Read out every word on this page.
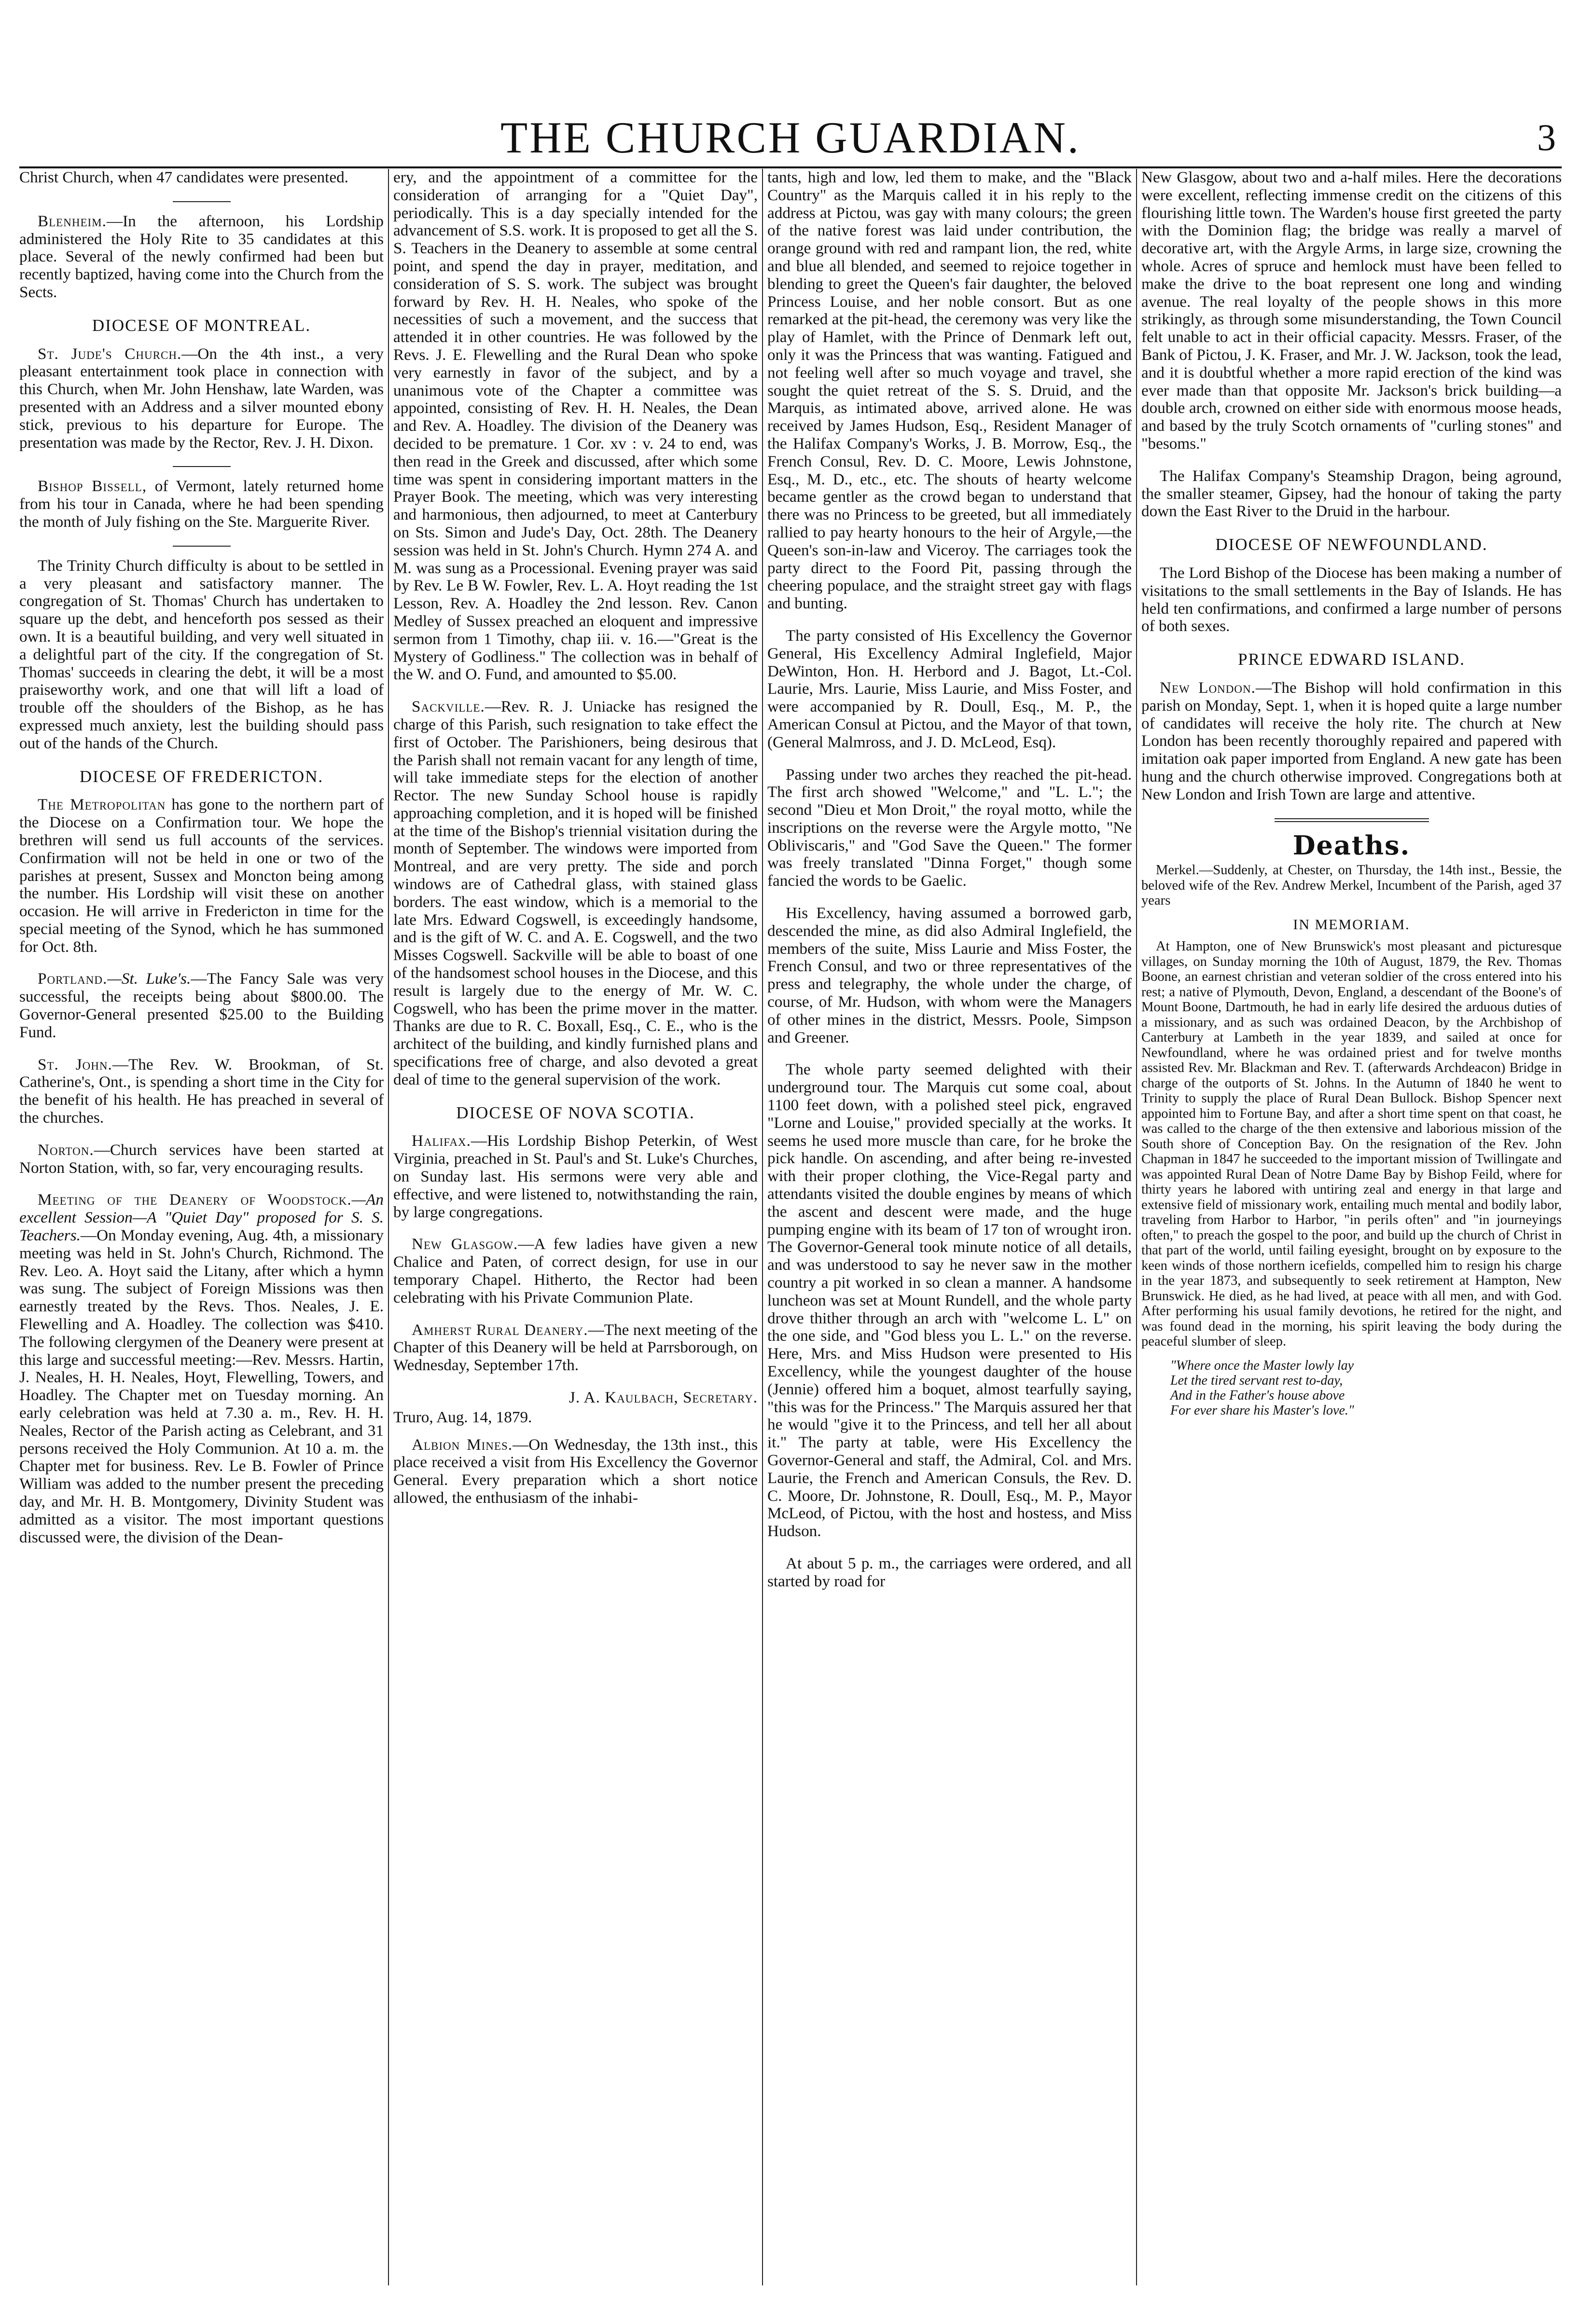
THE CHURCH GUARDIAN.	3

Christ Church, when 47 candidates were presented.

Blenheim.—In the afternoon, his Lordship administered the Holy Rite to 35 candidates at this place. Several of the newly confirmed had been but recently baptized, having come into the Church from the Sects.

DIOCESE OF MONTREAL.

St. Jude's Church.—On the 4th inst., a very pleasant entertainment took place in connection with this Church, when Mr. John Henshaw, late Warden, was presented with an Address and a silver mounted ebony stick, previous to his departure for Europe. The presentation was made by the Rector, Rev. J. H. Dixon.

Bishop Bissell, of Vermont, lately returned home from his tour in Canada, where he had been spending the month of July fishing on the Ste. Marguerite River.

The Trinity Church difficulty is about to be settled in a very pleasant and satisfactory manner. The congregation of St. Thomas' Church has undertaken to square up the debt, and henceforth pos sessed as their own. It is a beautiful building, and very well situated in a delightful part of the city. If the congregation of St. Thomas' succeeds in clearing the debt, it will be a most praiseworthy work, and one that will lift a load of trouble off the shoulders of the Bishop, as he has expressed much anxiety, lest the building should pass out of the hands of the Church.

DIOCESE OF FREDERICTON.

The Metropolitan has gone to the northern part of the Diocese on a Confirmation tour. We hope the brethren will send us full accounts of the services. Confirmation will not be held in one or two of the parishes at present, Sussex and Moncton being among the number. His Lordship will visit these on another occasion. He will arrive in Fredericton in time for the special meeting of the Synod, which he has summoned for Oct. 8th.

Portland.—St. Luke's.—The Fancy Sale was very successful, the receipts being about $800.00. The Governor-General presented $25.00 to the Building Fund.

St. John.—The Rev. W. Brookman, of St. Catherine's, Ont., is spending a short time in the City for the benefit of his health. He has preached in several of the churches.

Norton.—Church services have been started at Norton Station, with, so far, very encouraging results.

Meeting of the Deanery of Woodstock.—An excellent Session—A "Quiet Day" proposed for S. S. Teachers.—On Monday evening, Aug. 4th, a missionary meeting was held in St. John's Church, Richmond. The Rev. Leo. A. Hoyt said the Litany, after which a hymn was sung. The subject of Foreign Missions was then earnestly treated by the Revs. Thos. Neales, J. E. Flewelling and A. Hoadley. The collection was $410. The following clergymen of the Deanery were present at this large and successful meeting:—Rev. Messrs. Hartin, J. Neales, H. H. Neales, Hoyt, Flewelling, Towers, and Hoadley. The Chapter met on Tuesday morning. An early celebration was held at 7.30 a. m., Rev. H. H. Neales, Rector of the Parish acting as Celebrant, and 31 persons received the Holy Communion. At 10 a. m. the Chapter met for business. Rev. Le B. Fowler of Prince William was added to the number present the preceding day, and Mr. H. B. Montgomery, Divinity Student was admitted as a visitor. The most important questions discussed were, the division of the Dean-

ery, and the appointment of a committee for the consideration of arranging for a "Quiet Day", periodically. This is a day specially intended for the advancement of S.S. work. It is proposed to get all the S. S. Teachers in the Deanery to assemble at some central point, and spend the day in prayer, meditation, and consideration of S. S. work. The subject was brought forward by Rev. H. H. Neales, who spoke of the necessities of such a movement, and the success that attended it in other countries. He was followed by the Revs. J. E. Flewelling and the Rural Dean who spoke very earnestly in favor of the subject, and by a unanimous vote of the Chapter a committee was appointed, consisting of Rev. H. H. Neales, the Dean and Rev. A. Hoadley. The division of the Deanery was decided to be premature. 1 Cor. xv : v. 24 to end, was then read in the Greek and discussed, after which some time was spent in considering important matters in the Prayer Book. The meeting, which was very interesting and harmonious, then adjourned, to meet at Canterbury on Sts. Simon and Jude's Day, Oct. 28th. The Deanery session was held in St. John's Church. Hymn 274 A. and M. was sung as a Processional. Evening prayer was said by Rev. Le B W. Fowler, Rev. L. A. Hoyt reading the 1st Lesson, Rev. A. Hoadley the 2nd lesson. Rev. Canon Medley of Sussex preached an eloquent and impressive sermon from 1 Timothy, chap iii. v. 16.—"Great is the Mystery of Godliness." The collection was in behalf of the W. and O. Fund, and amounted to $5.00.

Sackville.—Rev. R. J. Uniacke has resigned the charge of this Parish, such resignation to take effect the first of October. The Parishioners, being desirous that the Parish shall not remain vacant for any length of time, will take immediate steps for the election of another Rector. The new Sunday School house is rapidly approaching completion, and it is hoped will be finished at the time of the Bishop's triennial visitation during the month of September. The windows were imported from Montreal, and are very pretty. The side and porch windows are of Cathedral glass, with stained glass borders. The east window, which is a memorial to the late Mrs. Edward Cogswell, is exceedingly handsome, and is the gift of W. C. and A. E. Cogswell, and the two Misses Cogswell. Sackville will be able to boast of one of the handsomest school houses in the Diocese, and this result is largely due to the energy of Mr. W. C. Cogswell, who has been the prime mover in the matter. Thanks are due to R. C. Boxall, Esq., C. E., who is the architect of the building, and kindly furnished plans and specifications free of charge, and also devoted a great deal of time to the general supervision of the work.

DIOCESE OF NOVA SCOTIA.

Halifax.—His Lordship Bishop Peterkin, of West Virginia, preached in St. Paul's and St. Luke's Churches, on Sunday last. His sermons were very able and effective, and were listened to, notwithstanding the rain, by large congregations.

New Glasgow.—A few ladies have given a new Chalice and Paten, of correct design, for use in our temporary Chapel. Hitherto, the Rector had been celebrating with his Private Communion Plate.

Amherst Rural Deanery.—The next meeting of the Chapter of this Deanery will be held at Parrsborough, on Wednesday, September 17th.

J. A. Kaulbach, Secretary.

Truro, Aug. 14, 1879.

Albion Mines.—On Wednesday, the 13th inst., this place received a visit from His Excellency the Governor General. Every preparation which a short notice allowed, the enthusiasm of the inhabi-

tants, high and low, led them to make, and the "Black Country" as the Marquis called it in his reply to the address at Pictou, was gay with many colours; the green of the native forest was laid under contribution, the orange ground with red and rampant lion, the red, white and blue all blended, and seemed to rejoice together in blending to greet the Queen's fair daughter, the beloved Princess Louise, and her noble consort. But as one remarked at the pit-head, the ceremony was very like the play of Hamlet, with the Prince of Denmark left out, only it was the Princess that was wanting. Fatigued and not feeling well after so much voyage and travel, she sought the quiet retreat of the S. S. Druid, and the Marquis, as intimated above, arrived alone. He was received by James Hudson, Esq., Resident Manager of the Halifax Company's Works, J. B. Morrow, Esq., the French Consul, Rev. D. C. Moore, Lewis Johnstone, Esq., M. D., etc., etc. The shouts of hearty welcome became gentler as the crowd began to understand that there was no Princess to be greeted, but all immediately rallied to pay hearty honours to the heir of Argyle,—the Queen's son-in-law and Viceroy. The carriages took the party direct to the Foord Pit, passing through the cheering populace, and the straight street gay with flags and bunting.

The party consisted of His Excellency the Governor General, His Excellency Admiral Inglefield, Major DeWinton, Hon. H. Herbord and J. Bagot, Lt.-Col. Laurie, Mrs. Laurie, Miss Laurie, and Miss Foster, and were accompanied by R. Doull, Esq., M. P., the American Consul at Pictou, and the Mayor of that town, (General Malmross, and J. D. McLeod, Esq).

Passing under two arches they reached the pit-head. The first arch showed "Welcome," and "L. L."; the second "Dieu et Mon Droit," the royal motto, while the inscriptions on the reverse were the Argyle motto, "Ne Obliviscaris," and "God Save the Queen." The former was freely translated "Dinna Forget," though some fancied the words to be Gaelic.

His Excellency, having assumed a borrowed garb, descended the mine, as did also Admiral Inglefield, the members of the suite, Miss Laurie and Miss Foster, the French Consul, and two or three representatives of the press and telegraphy, the whole under the charge, of course, of Mr. Hudson, with whom were the Managers of other mines in the district, Messrs. Poole, Simpson and Greener.

The whole party seemed delighted with their underground tour. The Marquis cut some coal, about 1100 feet down, with a polished steel pick, engraved "Lorne and Louise," provided specially at the works. It seems he used more muscle than care, for he broke the pick handle. On ascending, and after being re-invested with their proper clothing, the Vice-Regal party and attendants visited the double engines by means of which the ascent and descent were made, and the huge pumping engine with its beam of 17 ton of wrought iron. The Governor-General took minute notice of all details, and was understood to say he never saw in the mother country a pit worked in so clean a manner. A handsome luncheon was set at Mount Rundell, and the whole party drove thither through an arch with "welcome L. L" on the one side, and "God bless you L. L." on the reverse. Here, Mrs. and Miss Hudson were presented to His Excellency, while the youngest daughter of the house (Jennie) offered him a boquet, almost tearfully saying, "this was for the Princess." The Marquis assured her that he would "give it to the Princess, and tell her all about it." The party at table, were His Excellency the Governor-General and staff, the Admiral, Col. and Mrs. Laurie, the French and American Consuls, the Rev. D. C. Moore, Dr. Johnstone, R. Doull, Esq., M. P., Mayor McLeod, of Pictou, with the host and hostess, and Miss Hudson.

At about 5 p. m., the carriages were ordered, and all started by road for

New Glasgow, about two and a-half miles. Here the decorations were excellent, reflecting immense credit on the citizens of this flourishing little town. The Warden's house first greeted the party with the Dominion flag; the bridge was really a marvel of decorative art, with the Argyle Arms, in large size, crowning the whole. Acres of spruce and hemlock must have been felled to make the drive to the boat represent one long and winding avenue. The real loyalty of the people shows in this more strikingly, as through some misunderstanding, the Town Council felt unable to act in their official capacity. Messrs. Fraser, of the Bank of Pictou, J. K. Fraser, and Mr. J. W. Jackson, took the lead, and it is doubtful whether a more rapid erection of the kind was ever made than that opposite Mr. Jackson's brick building—a double arch, crowned on either side with enormous moose heads, and based by the truly Scotch ornaments of "curling stones" and "besoms."

The Halifax Company's Steamship Dragon, being aground, the smaller steamer, Gipsey, had the honour of taking the party down the East River to the Druid in the harbour.

DIOCESE OF NEWFOUNDLAND.

The Lord Bishop of the Diocese has been making a number of visitations to the small settlements in the Bay of Islands. He has held ten confirmations, and confirmed a large number of persons of both sexes.

PRINCE EDWARD ISLAND.

New London.—The Bishop will hold confirmation in this parish on Monday, Sept. 1, when it is hoped quite a large number of candidates will receive the holy rite. The church at New London has been recently thoroughly repaired and papered with imitation oak paper imported from England. A new gate has been hung and the church otherwise improved. Congregations both at New London and Irish Town are large and attentive.

Deaths.

Merkel.—Suddenly, at Chester, on Thursday, the 14th inst., Bessie, the beloved wife of the Rev. Andrew Merkel, Incumbent of the Parish, aged 37 years

IN MEMORIAM.

At Hampton, one of New Brunswick's most pleasant and picturesque villages, on Sunday morning the 10th of August, 1879, the Rev. Thomas Boone, an earnest christian and veteran soldier of the cross entered into his rest; a native of Plymouth, Devon, England, a descendant of the Boone's of Mount Boone, Dartmouth, he had in early life desired the arduous duties of a missionary, and as such was ordained Deacon, by the Archbishop of Canterbury at Lambeth in the year 1839, and sailed at once for Newfoundland, where he was ordained priest and for twelve months assisted Rev. Mr. Blackman and Rev. T. (afterwards Archdeacon) Bridge in charge of the outports of St. Johns. In the Autumn of 1840 he went to Trinity to supply the place of Rural Dean Bullock. Bishop Spencer next appointed him to Fortune Bay, and after a short time spent on that coast, he was called to the charge of the then extensive and laborious mission of the South shore of Conception Bay. On the resignation of the Rev. John Chapman in 1847 he succeeded to the important mission of Twillingate and was appointed Rural Dean of Notre Dame Bay by Bishop Feild, where for thirty years he labored with untiring zeal and energy in that large and extensive field of missionary work, entailing much mental and bodily labor, traveling from Harbor to Harbor, "in perils often" and "in journeyings often," to preach the gospel to the poor, and build up the church of Christ in that part of the world, until failing eyesight, brought on by exposure to the keen winds of those northern icefields, compelled him to resign his charge in the year 1873, and subsequently to seek retirement at Hampton, New Brunswick. He died, as he had lived, at peace with all men, and with God. After performing his usual family devotions, he retired for the night, and was found dead in the morning, his spirit leaving the body during the peaceful slumber of sleep.

"Where once the Master lowly lay
Let the tired servant rest to-day,
And in the Father's house above
For ever share his Master's love."
